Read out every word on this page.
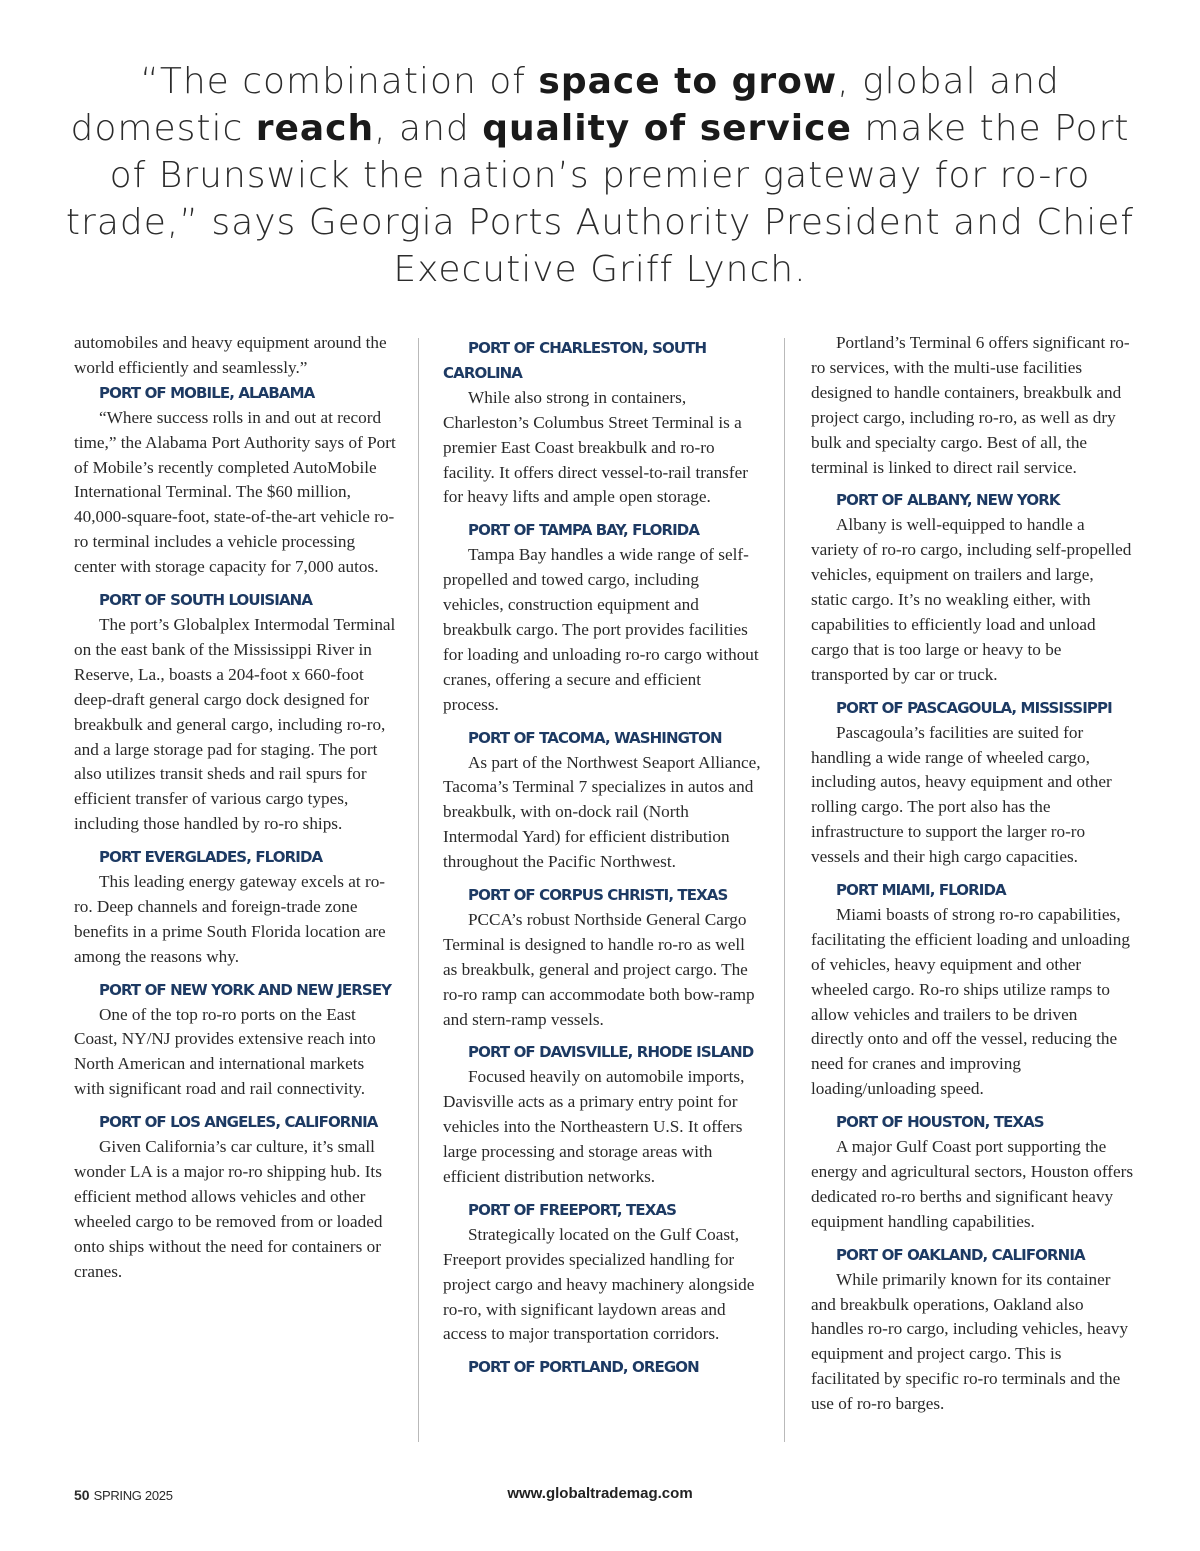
“The combination of space to grow, global and domestic reach, and quality of service make the Port of Brunswick the nation’s premier gateway for ro-ro trade,” says Georgia Ports Authority President and Chief Executive Griff Lynch.

automobiles and heavy equipment around the world efficiently and seamlessly.”

PORT OF MOBILE, ALABAMA

“Where success rolls in and out at record time,” the Alabama Port Authority says of Port of Mobile’s recently completed AutoMobile International Terminal. The $60 million, 40,000-square-foot, state-of-the-art vehicle ro-ro terminal includes a vehicle processing center with storage capacity for 7,000 autos.

PORT OF SOUTH LOUISIANA

The port’s Globalplex Intermodal Terminal on the east bank of the Mississippi River in Reserve, La., boasts a 204-foot x 660-foot deep-draft general cargo dock designed for breakbulk and general cargo, including ro-ro, and a large storage pad for staging. The port also utilizes transit sheds and rail spurs for efficient transfer of various cargo types, including those handled by ro-ro ships.

PORT EVERGLADES, FLORIDA

This leading energy gateway excels at ro-ro. Deep channels and foreign-trade zone benefits in a prime South Florida location are among the reasons why.

PORT OF NEW YORK AND NEW JERSEY

One of the top ro-ro ports on the East Coast, NY/NJ provides extensive reach into North American and international markets with significant road and rail connectivity.

PORT OF LOS ANGELES, CALIFORNIA

Given California’s car culture, it’s small wonder LA is a major ro-ro shipping hub. Its efficient method allows vehicles and other wheeled cargo to be removed from or loaded onto ships without the need for containers or cranes.

PORT OF CHARLESTON, SOUTH CAROLINA

While also strong in containers, Charleston’s Columbus Street Terminal is a premier East Coast breakbulk and ro-ro facility. It offers direct vessel-to-rail transfer for heavy lifts and ample open storage.

PORT OF TAMPA BAY, FLORIDA

Tampa Bay handles a wide range of self-propelled and towed cargo, including vehicles, construction equipment and breakbulk cargo. The port provides facilities for loading and unloading ro-ro cargo without cranes, offering a secure and efficient process.

PORT OF TACOMA, WASHINGTON

As part of the Northwest Seaport Alliance, Tacoma’s Terminal 7 specializes in autos and breakbulk, with on-dock rail (North Intermodal Yard) for efficient distribution throughout the Pacific Northwest.

PORT OF CORPUS CHRISTI, TEXAS

PCCA’s robust Northside General Cargo Terminal is designed to handle ro-ro as well as breakbulk, general and project cargo. The ro-ro ramp can accommodate both bow-ramp and stern-ramp vessels.

PORT OF DAVISVILLE, RHODE ISLAND

Focused heavily on automobile imports, Davisville acts as a primary entry point for vehicles into the Northeastern U.S. It offers large processing and storage areas with efficient distribution networks.

PORT OF FREEPORT, TEXAS

Strategically located on the Gulf Coast, Freeport provides specialized handling for project cargo and heavy machinery alongside ro-ro, with significant laydown areas and access to major transportation corridors.

PORT OF PORTLAND, OREGON

Portland’s Terminal 6 offers significant ro-ro services, with the multi-use facilities designed to handle containers, breakbulk and project cargo, including ro-ro, as well as dry bulk and specialty cargo. Best of all, the terminal is linked to direct rail service.

PORT OF ALBANY, NEW YORK

Albany is well-equipped to handle a variety of ro-ro cargo, including self-propelled vehicles, equipment on trailers and large, static cargo. It’s no weakling either, with capabilities to efficiently load and unload cargo that is too large or heavy to be transported by car or truck.

PORT OF PASCAGOULA, MISSISSIPPI

Pascagoula’s facilities are suited for handling a wide range of wheeled cargo, including autos, heavy equipment and other rolling cargo. The port also has the infrastructure to support the larger ro-ro vessels and their high cargo capacities.

PORT MIAMI, FLORIDA

Miami boasts of strong ro-ro capabilities, facilitating the efficient loading and unloading of vehicles, heavy equipment and other wheeled cargo. Ro-ro ships utilize ramps to allow vehicles and trailers to be driven directly onto and off the vessel, reducing the need for cranes and improving loading/unloading speed.

PORT OF HOUSTON, TEXAS

A major Gulf Coast port supporting the energy and agricultural sectors, Houston offers dedicated ro-ro berths and significant heavy equipment handling capabilities.

PORT OF OAKLAND, CALIFORNIA

While primarily known for its container and breakbulk operations, Oakland also handles ro-ro cargo, including vehicles, heavy equipment and project cargo. This is facilitated by specific ro-ro terminals and the use of ro-ro barges.

50 SPRING 2025	www.globaltrademag.com
